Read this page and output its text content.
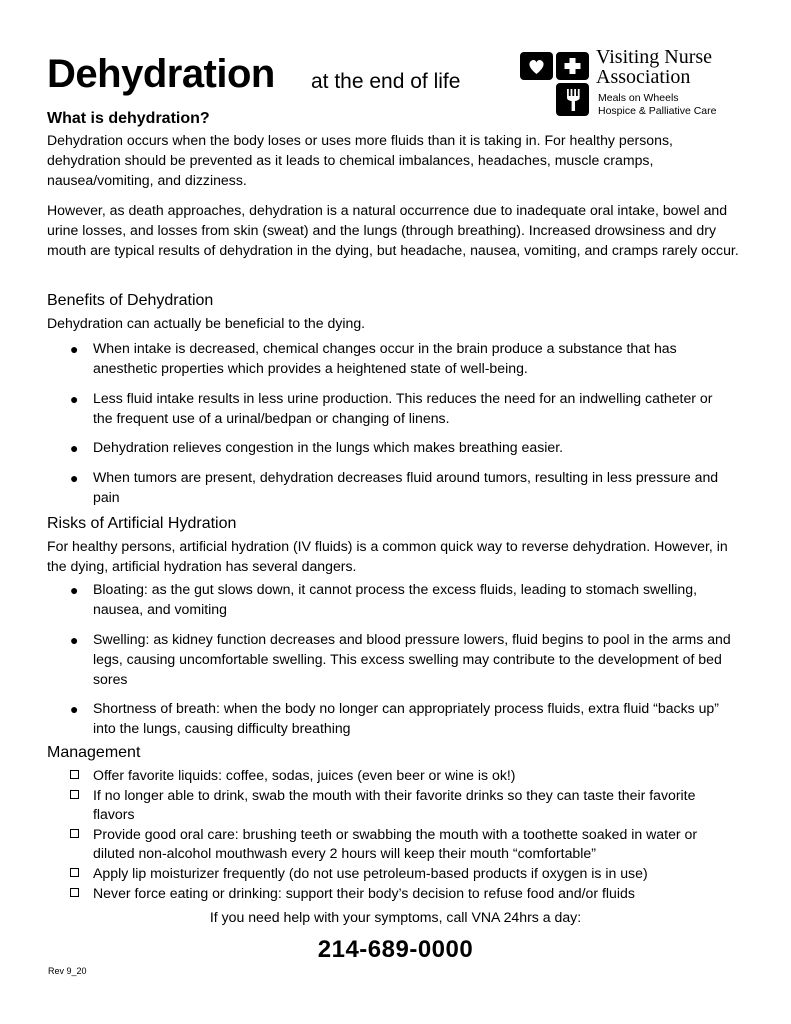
Dehydration at the end of life
Visiting Nurse
Association
Meals on Wheels
Hospice & Palliative Care
What is dehydration?
Dehydration occurs when the body loses or uses more fluids than it is taking in. For healthy persons, dehydration should be prevented as it leads to chemical imbalances, headaches, muscle cramps, nausea/vomiting, and dizziness.
However, as death approaches, dehydration is a natural occurrence due to inadequate oral intake, bowel and urine losses, and losses from skin (sweat) and the lungs (through breathing). Increased drowsiness and dry mouth are typical results of dehydration in the dying, but headache, nausea, vomiting, and cramps rarely occur.
Benefits of Dehydration
Dehydration can actually be beneficial to the dying.
● When intake is decreased, chemical changes occur in the brain produce a substance that has anesthetic properties which provides a heightened state of well-being.
● Less fluid intake results in less urine production. This reduces the need for an indwelling catheter or the frequent use of a urinal/bedpan or changing of linens.
● Dehydration relieves congestion in the lungs which makes breathing easier.
● When tumors are present, dehydration decreases fluid around tumors, resulting in less pressure and pain
Risks of Artificial Hydration
For healthy persons, artificial hydration (IV fluids) is a common quick way to reverse dehydration. However, in the dying, artificial hydration has several dangers.
● Bloating: as the gut slows down, it cannot process the excess fluids, leading to stomach swelling, nausea, and vomiting
● Swelling: as kidney function decreases and blood pressure lowers, fluid begins to pool in the arms and legs, causing uncomfortable swelling. This excess swelling may contribute to the development of bed sores
● Shortness of breath: when the body no longer can appropriately process fluids, extra fluid “backs up” into the lungs, causing difficulty breathing
Management
Offer favorite liquids: coffee, sodas, juices (even beer or wine is ok!)
If no longer able to drink, swab the mouth with their favorite drinks so they can taste their favorite flavors
Provide good oral care: brushing teeth or swabbing the mouth with a toothette soaked in water or diluted non-alcohol mouthwash every 2 hours will keep their mouth “comfortable”
Apply lip moisturizer frequently (do not use petroleum-based products if oxygen is in use)
Never force eating or drinking: support their body’s decision to refuse food and/or fluids
If you need help with your symptoms, call VNA 24hrs a day:
214-689-0000
Rev 9_20
